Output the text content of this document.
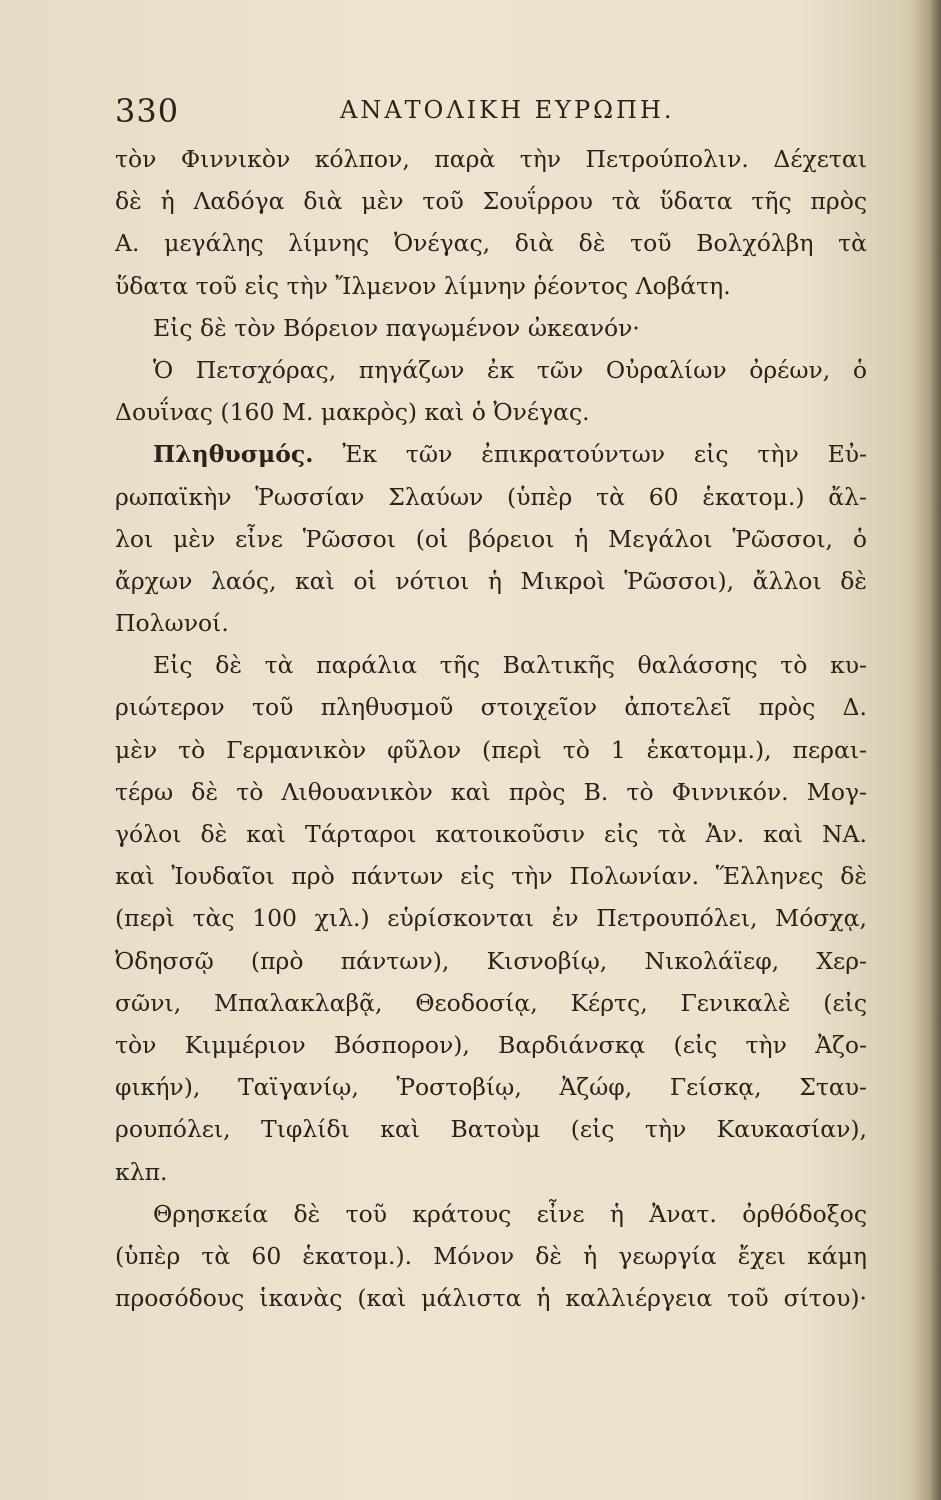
330	ΑΝΑΤΟΛΙΚΗ ΕΥΡΩΠΗ.
τὸν Φιννικὸν κόλπον, παρὰ τὴν Πετρούπολιν. Δέχεται
δὲ ἡ Λαδόγα διὰ μὲν τοῦ Σουΐρρου τὰ ὕδατα τῆς πρὸς
Α. μεγάλης λίμνης Ὀνέγας, διὰ δὲ τοῦ Βολχόλβη τὰ
ὕδατα τοῦ εἰς τὴν Ἴλμενον λίμνην ῥέοντος Λοβάτη.
Εἰς δὲ τὸν Βόρειον παγωμένον ὠκεανόν·
Ὁ Πετσχόρας, πηγάζων ἐκ τῶν Οὐραλίων ὀρέων, ὁ
Δουΐνας (160 Μ. μακρὸς) καὶ ὁ Ὀνέγας.
Πληθυσμός. Ἐκ τῶν ἐπικρατούντων εἰς τὴν Εὐ-
ρωπαϊκὴν Ῥωσσίαν Σλαύων (ὑπὲρ τὰ 60 ἑκατομ.) ἄλ-
λοι μὲν εἶνε Ῥῶσσοι (οἱ βόρειοι ἡ Μεγάλοι Ῥῶσσοι, ὁ
ἄρχων λαός, καὶ οἱ νότιοι ἡ Μικροὶ Ῥῶσσοι), ἄλλοι δὲ
Πολωνοί.
Εἰς δὲ τὰ παράλια τῆς Βαλτικῆς θαλάσσης τὸ κυ-
ριώτερον τοῦ πληθυσμοῦ στοιχεῖον ἀποτελεῖ πρὸς Δ.
μὲν τὸ Γερμανικὸν φῦλον (περὶ τὸ 1 ἑκατομμ.), περαι-
τέρω δὲ τὸ Λιθουανικὸν καὶ πρὸς Β. τὸ Φιννικόν. Μογ-
γόλοι δὲ καὶ Τάρταροι κατοικοῦσιν εἰς τὰ Ἀν. καὶ ΝΑ.
καὶ Ἰουδαῖοι πρὸ πάντων εἰς τὴν Πολωνίαν. Ἕλληνες δὲ
(περὶ τὰς 100 χιλ.) εὑρίσκονται ἐν Πετρουπόλει, Μόσχᾳ,
Ὀδησσῷ (πρὸ πάντων), Κισνοβίῳ, Νικολάϊεφ, Χερ-
σῶνι, Μπαλακλαβᾷ, Θεοδοσίᾳ, Κέρτς, Γενικαλὲ (εἰς
τὸν Κιμμέριον Βόσπορον), Βαρδιάνσκᾳ (εἰς τὴν Ἀζο-
φικήν), Ταϊγανίῳ, Ῥοστοβίῳ, Ἀζώφ, Γείσκᾳ, Σταυ-
ρουπόλει, Τιφλίδι καὶ Βατοὺμ (εἰς τὴν Καυκασίαν),
κλπ.
Θρησκεία δὲ τοῦ κράτους εἶνε ἡ Ἀνατ. ὀρθόδοξος
(ὑπὲρ τὰ 60 ἑκατομ.). Μόνον δὲ ἡ γεωργία ἔχει κάμη
προσόδους ἱκανὰς (καὶ μάλιστα ἡ καλλιέργεια τοῦ σίτου)·
